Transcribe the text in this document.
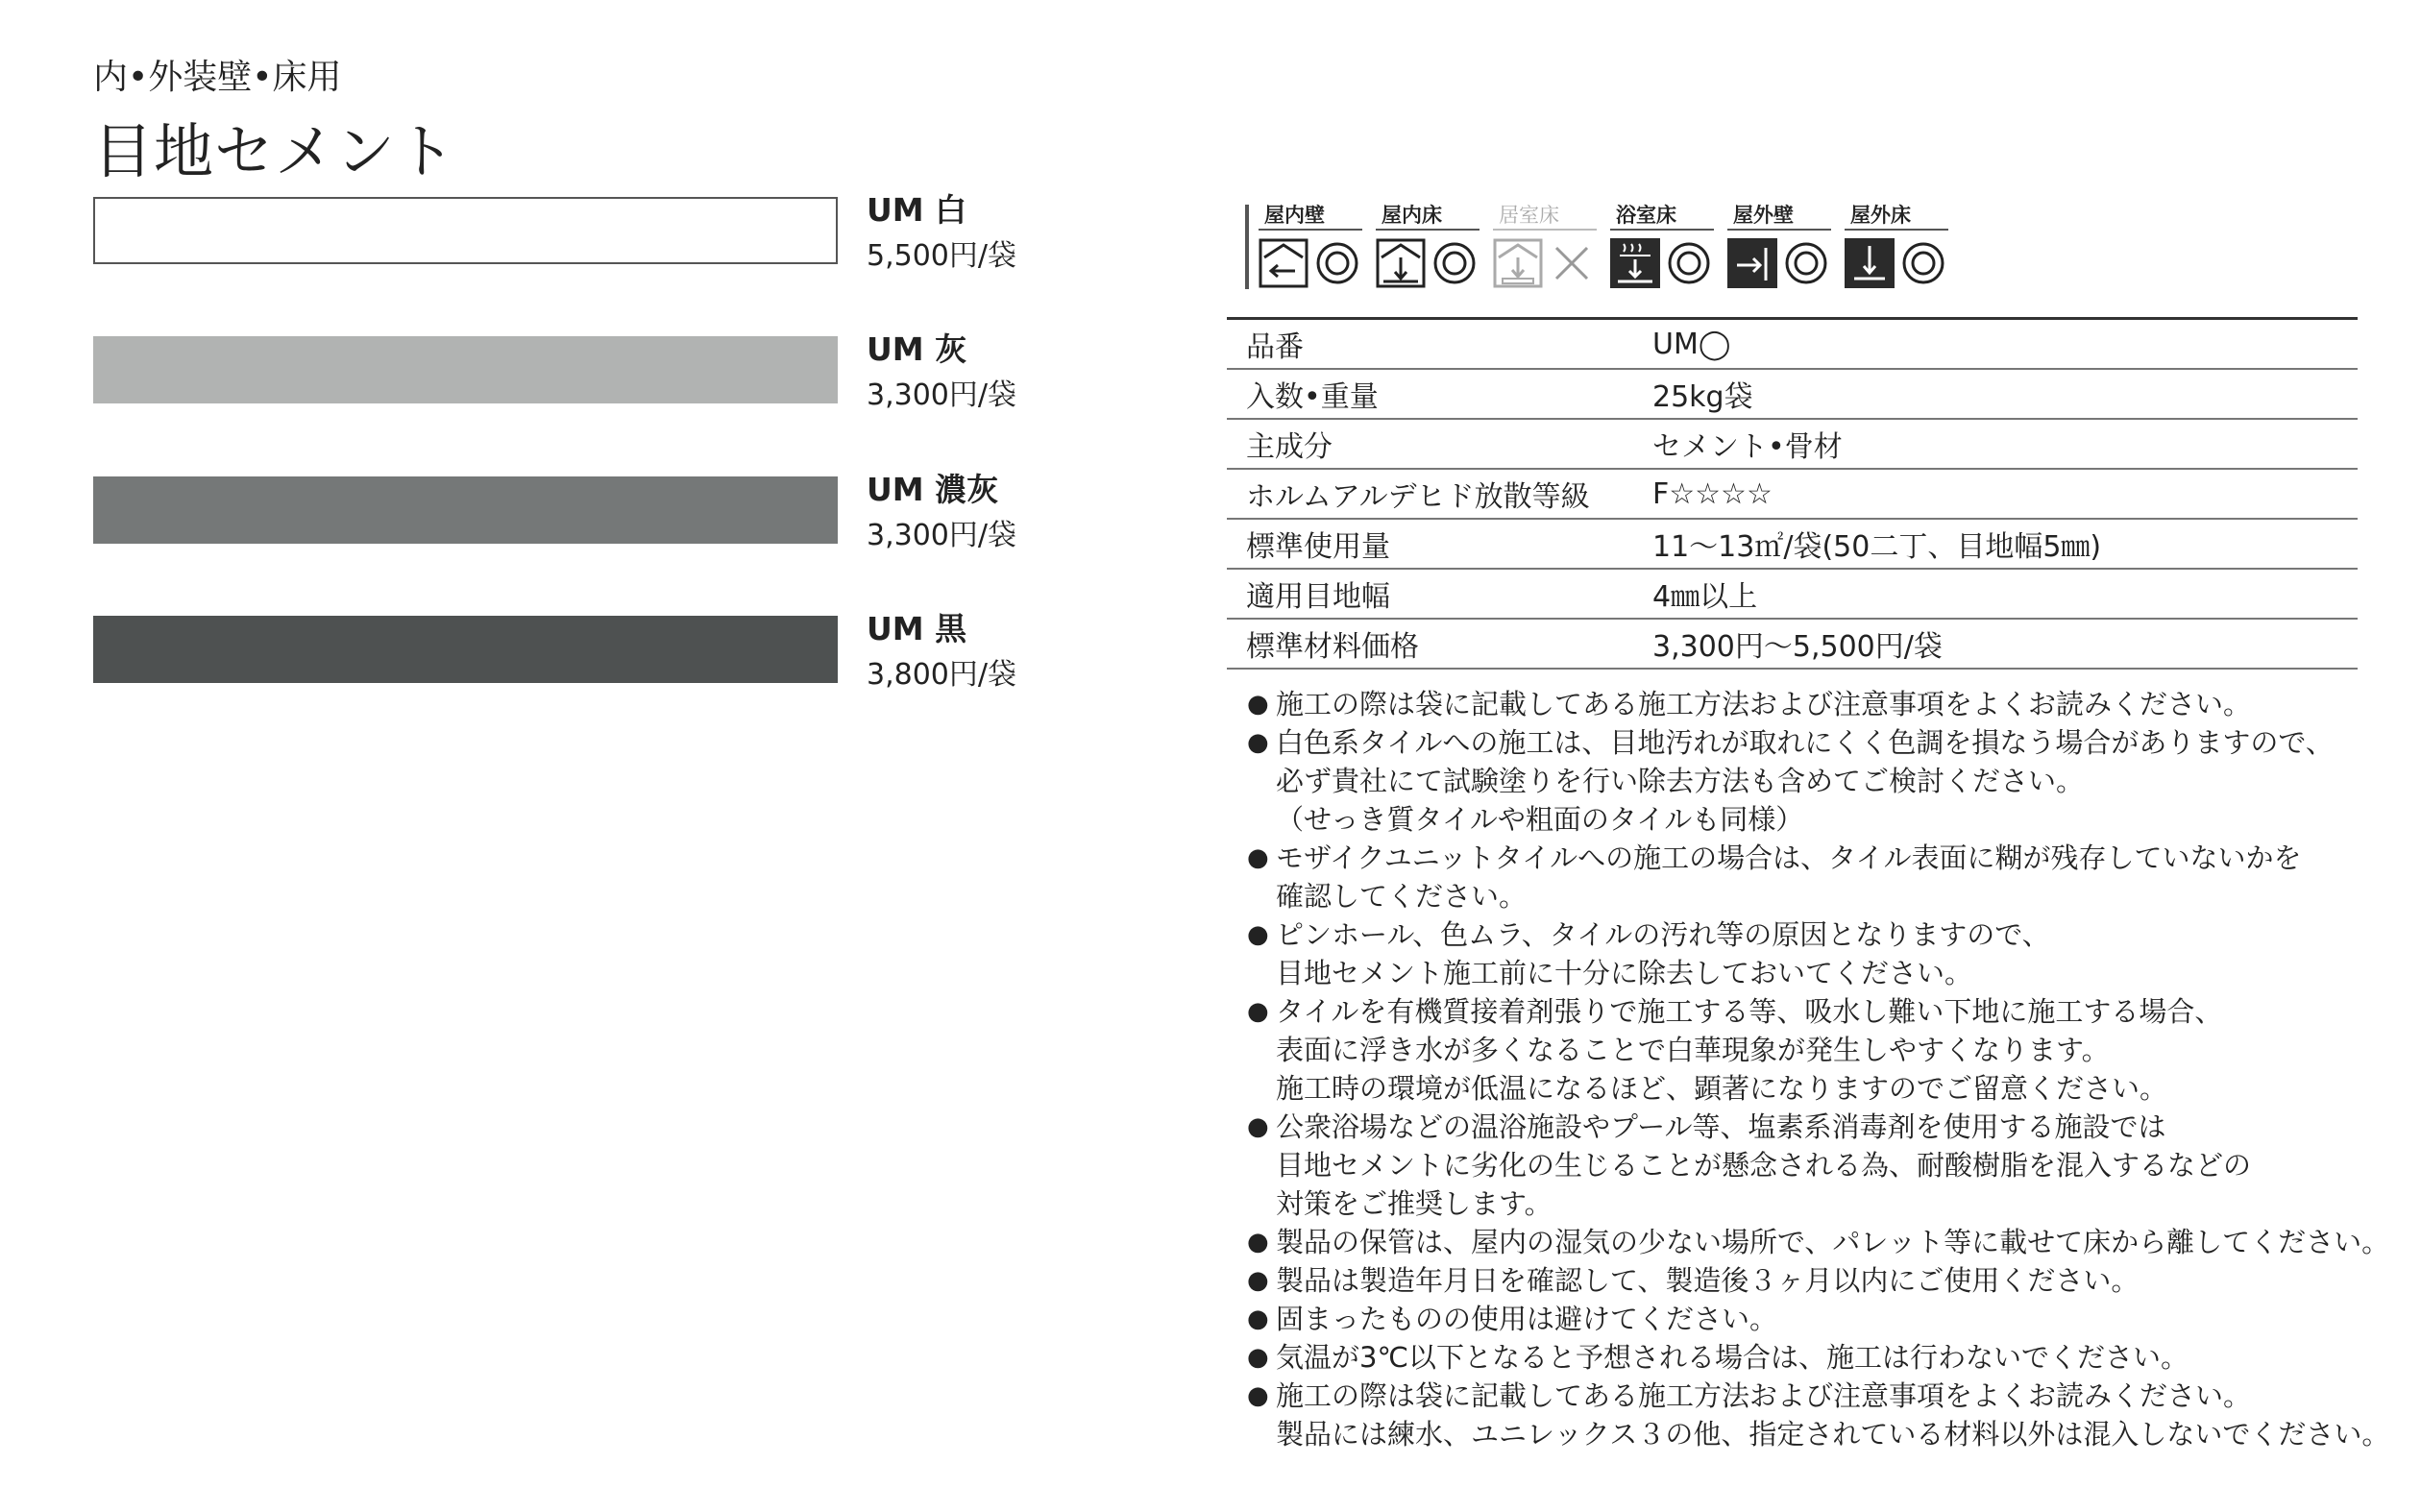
内•外装壁•床用
目地セメント
UM 白
5,500円/袋
UM 灰
3,300円/袋
UM 濃灰
3,300円/袋
UM 黒
3,800円/袋
屋内壁	屋内床	居室床	浴室床	屋外壁	屋外床
品番	UM◯
入数•重量	25kg袋
主成分	セメント•骨材
ホルムアルデヒド放散等級	F☆☆☆☆
標準使用量	11〜13㎡/袋(50二丁、目地幅5㎜)
適用目地幅	4㎜以上
標準材料価格	3,300円〜5,500円/袋
● 施工の際は袋に記載してある施工方法および注意事項をよくお読みください。
● 白色系タイルへの施工は、目地汚れが取れにくく色調を損なう場合がありますので、
必ず貴社にて試験塗りを行い除去方法も含めてご検討ください。
（せっき質タイルや粗面のタイルも同様）
● モザイクユニットタイルへの施工の場合は、タイル表面に糊が残存していないかを
確認してください。
● ピンホール、色ムラ、タイルの汚れ等の原因となりますので、
目地セメント施工前に十分に除去しておいてください。
● タイルを有機質接着剤張りで施工する等、吸水し難い下地に施工する場合、
表面に浮き水が多くなることで白華現象が発生しやすくなります。
施工時の環境が低温になるほど、顕著になりますのでご留意ください。
● 公衆浴場などの温浴施設やプール等、塩素系消毒剤を使用する施設では
目地セメントに劣化の生じることが懸念される為、耐酸樹脂を混入するなどの
対策をご推奨します。
● 製品の保管は、屋内の湿気の少ない場所で、パレット等に載せて床から離してください。
● 製品は製造年月日を確認して、製造後３ヶ月以内にご使用ください。
● 固まったものの使用は避けてください。
● 気温が3℃以下となると予想される場合は、施工は行わないでください。
● 施工の際は袋に記載してある施工方法および注意事項をよくお読みください。
製品には練水、ユニレックス３の他、指定されている材料以外は混入しないでください。
